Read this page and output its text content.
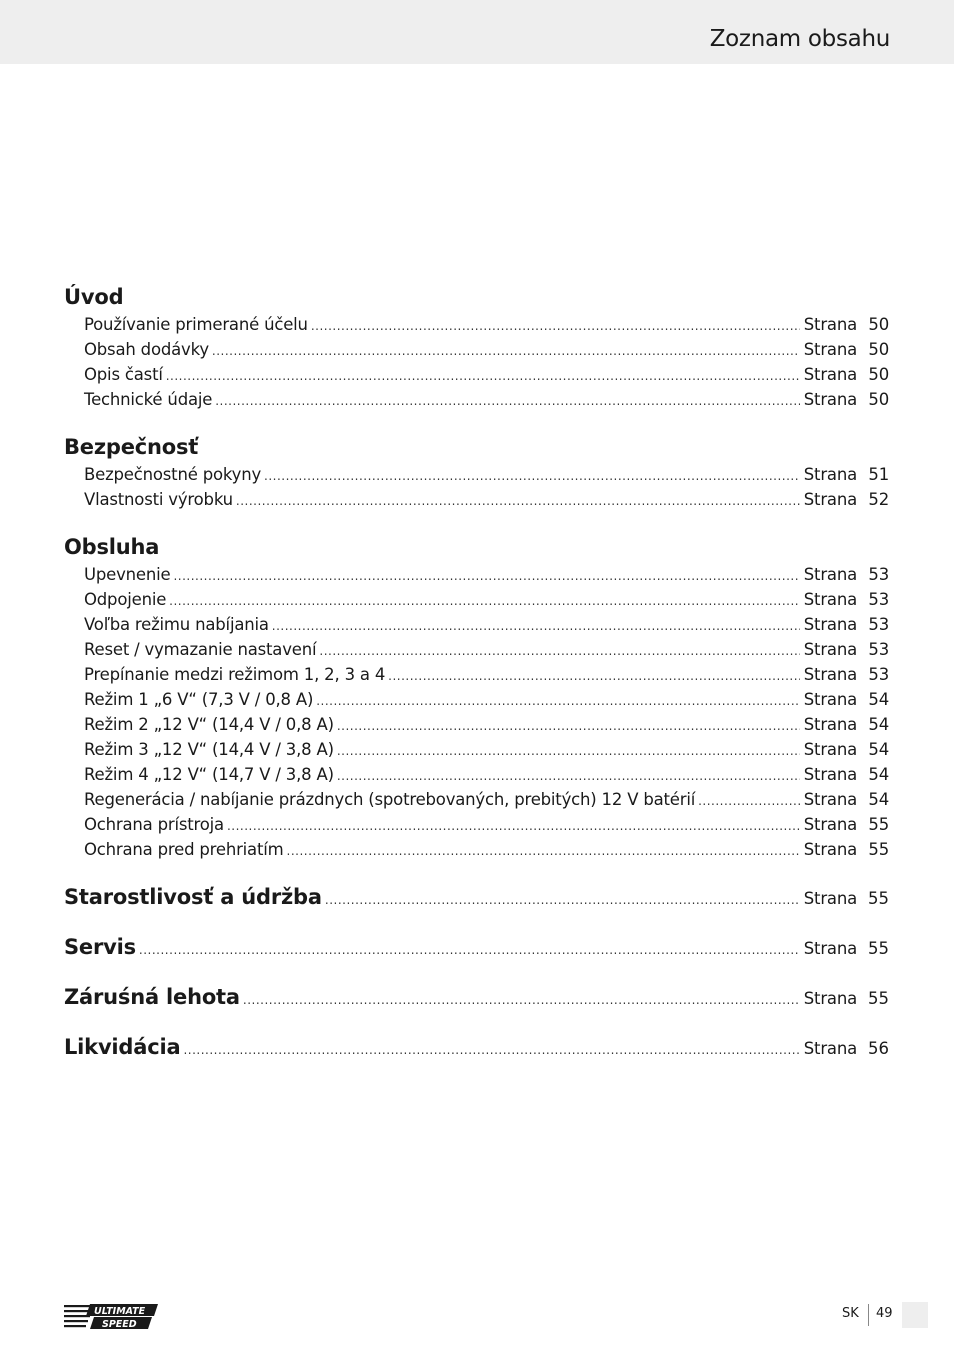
Zoznam obsahu
Úvod
Používanie primerané účelu .....	Strana 50
Obsah dodávky .....	Strana 50
Opis častí .....	Strana 50
Technické údaje .....	Strana 50
Bezpečnosť
Bezpečnostné pokyny .....	Strana 51
Vlastnosti výrobku .....	Strana 52
Obsluha
Upevnenie .....	Strana 53
Odpojenie .....	Strana 53
Voľba režimu nabíjania .....	Strana 53
Reset / vymazanie nastavení .....	Strana 53
Prepínanie medzi režimom 1, 2, 3 a 4 .....	Strana 53
Režim 1 „6 V“ (7,3 V / 0,8 A) .....	Strana 54
Režim 2 „12 V“ (14,4 V / 0,8 A) .....	Strana 54
Režim 3 „12 V“ (14,4 V / 3,8 A) .....	Strana 54
Režim 4 „12 V“ (14,7 V / 3,8 A) .....	Strana 54
Regenerácia / nabíjanie prázdnych (spotrebovaných, prebitých) 12 V batérií .....	Strana 54
Ochrana prístroja .....	Strana 55
Ochrana pred prehriatím .....	Strana 55
Starostlivosť a údržba .....	Strana 55
Servis .....	Strana 55
Záruśná lehota .....	Strana 55
Likvidácia .....	Strana 56
ULTIMATE
SPEED
SK 49
